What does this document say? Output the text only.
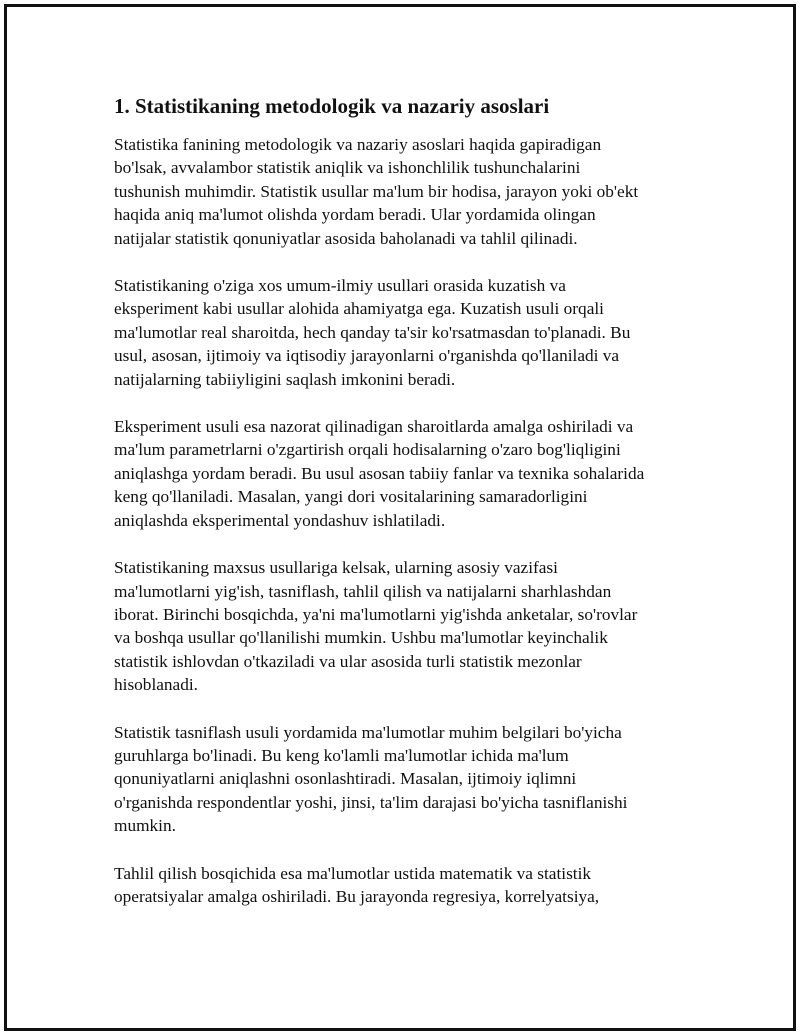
1. Statistikaning metodologik va nazariy asoslari

Statistika fanining metodologik va nazariy asoslari haqida gapiradigan
bo'lsak, avvalambor statistik aniqlik va ishonchlilik tushunchalarini
tushunish muhimdir. Statistik usullar ma'lum bir hodisa, jarayon yoki ob'ekt
haqida aniq ma'lumot olishda yordam beradi. Ular yordamida olingan
natijalar statistik qonuniyatlar asosida baholanadi va tahlil qilinadi.

Statistikaning o'ziga xos umum-ilmiy usullari orasida kuzatish va
eksperiment kabi usullar alohida ahamiyatga ega. Kuzatish usuli orqali
ma'lumotlar real sharoitda, hech qanday ta'sir ko'rsatmasdan to'planadi. Bu
usul, asosan, ijtimoiy va iqtisodiy jarayonlarni o'rganishda qo'llaniladi va
natijalarning tabiiyligini saqlash imkonini beradi.

Eksperiment usuli esa nazorat qilinadigan sharoitlarda amalga oshiriladi va
ma'lum parametrlarni o'zgartirish orqali hodisalarning o'zaro bog'liqligini
aniqlashga yordam beradi. Bu usul asosan tabiiy fanlar va texnika sohalarida
keng qo'llaniladi. Masalan, yangi dori vositalarining samaradorligini
aniqlashda eksperimental yondashuv ishlatiladi.

Statistikaning maxsus usullariga kelsak, ularning asosiy vazifasi
ma'lumotlarni yig'ish, tasniflash, tahlil qilish va natijalarni sharhlashdan
iborat. Birinchi bosqichda, ya'ni ma'lumotlarni yig'ishda anketalar, so'rovlar
va boshqa usullar qo'llanilishi mumkin. Ushbu ma'lumotlar keyinchalik
statistik ishlovdan o'tkaziladi va ular asosida turli statistik mezonlar
hisoblanadi.

Statistik tasniflash usuli yordamida ma'lumotlar muhim belgilari bo'yicha
guruhlarga bo'linadi. Bu keng ko'lamli ma'lumotlar ichida ma'lum
qonuniyatlarni aniqlashni osonlashtiradi. Masalan, ijtimoiy iqlimni
o'rganishda respondentlar yoshi, jinsi, ta'lim darajasi bo'yicha tasniflanishi
mumkin.

Tahlil qilish bosqichida esa ma'lumotlar ustida matematik va statistik
operatsiyalar amalga oshiriladi. Bu jarayonda regresiya, korrelyatsiya,
